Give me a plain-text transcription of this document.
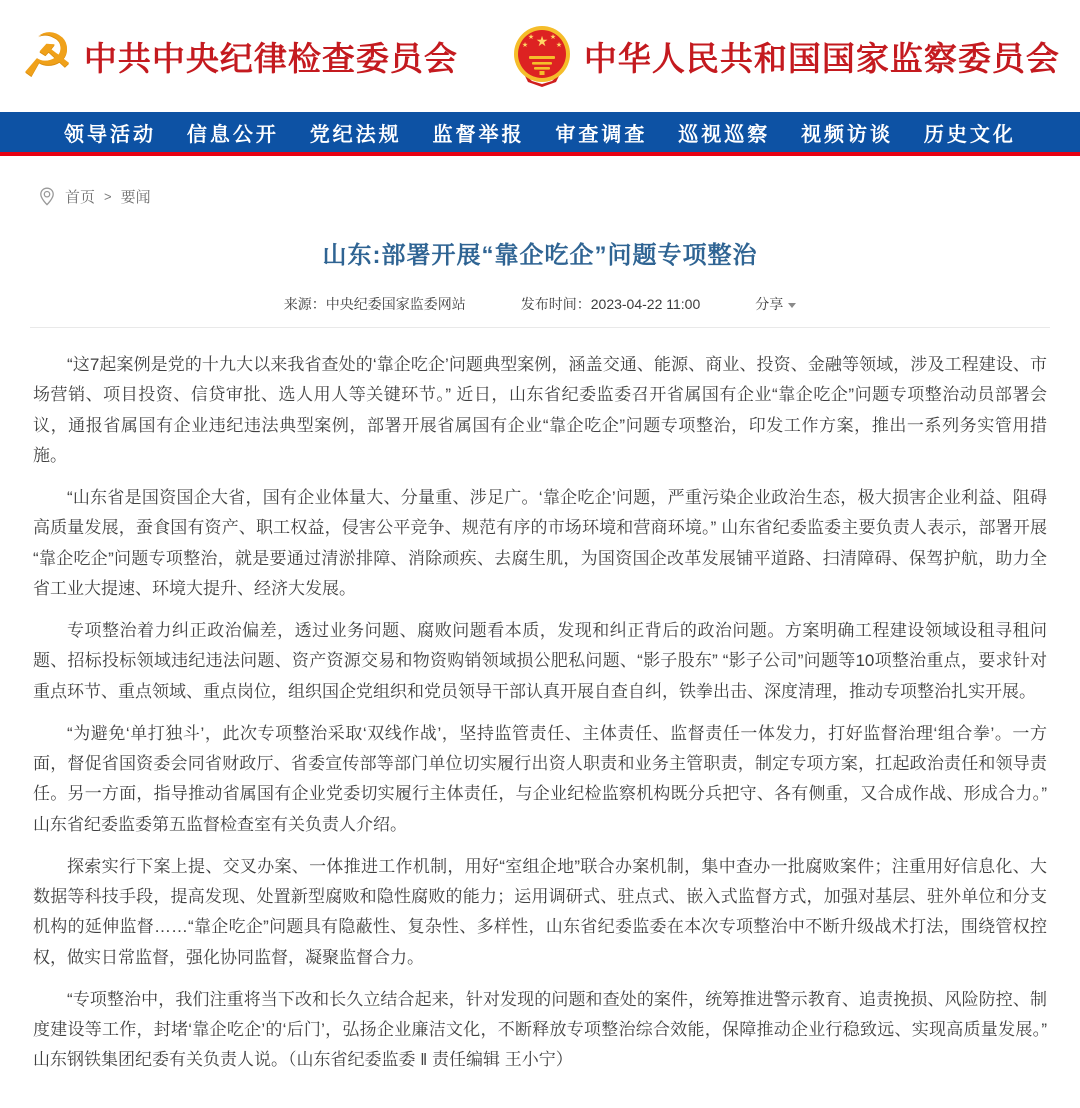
☭ 中共中央纪律检查委员会
★
★ ★
★	★ 中华人民共和国国家监察委员会
领导活动 信息公开 党纪法规 监督举报 审查调查 巡视巡察 视频访谈 历史文化
首页 > 要闻
山东:部署开展“靠企吃企”问题专项整治
来源：中央纪委国家监委网站	发布时间：2023-04-22 11:00	分享

“这7起案例是党的十九大以来我省查处的‘靠企吃企’问题典型案例，涵盖交通、能源、商业、投资、金融等领域，涉及工程建设、市场营销、项目投资、信贷审批、选人用人等关键环节。” 近日，山东省纪委监委召开省属国有企业“靠企吃企”问题专项整治动员部署会议，通报省属国有企业违纪违法典型案例，部署开展省属国有企业“靠企吃企”问题专项整治，印发工作方案，推出一系列务实管用措施。

“山东省是国资国企大省，国有企业体量大、分量重、涉足广。‘靠企吃企’问题，严重污染企业政治生态，极大损害企业利益、阻碍高质量发展，蚕食国有资产、职工权益，侵害公平竞争、规范有序的市场环境和营商环境。” 山东省纪委监委主要负责人表示，部署开展“靠企吃企”问题专项整治，就是要通过清淤排障、消除顽疾、去腐生肌，为国资国企改革发展铺平道路、扫清障碍、保驾护航，助力全省工业大提速、环境大提升、经济大发展。

专项整治着力纠正政治偏差，透过业务问题、腐败问题看本质，发现和纠正背后的政治问题。方案明确工程建设领域设租寻租问题、招标投标领域违纪违法问题、资产资源交易和物资购销领域损公肥私问题、“影子股东” “影子公司”问题等10项整治重点，要求针对重点环节、重点领域、重点岗位，组织国企党组织和党员领导干部认真开展自查自纠，铁拳出击、深度清理，推动专项整治扎实开展。

“为避免‘单打独斗’，此次专项整治采取‘双线作战’，坚持监管责任、主体责任、监督责任一体发力，打好监督治理‘组合拳’。一方面，督促省国资委会同省财政厅、省委宣传部等部门单位切实履行出资人职责和业务主管职责，制定专项方案，扛起政治责任和领导责任。另一方面，指导推动省属国有企业党委切实履行主体责任，与企业纪检监察机构既分兵把守、各有侧重，又合成作战、形成合力。” 山东省纪委监委第五监督检查室有关负责人介绍。

探索实行下案上提、交叉办案、一体推进工作机制，用好“室组企地”联合办案机制，集中查办一批腐败案件；注重用好信息化、大数据等科技手段，提高发现、处置新型腐败和隐性腐败的能力；运用调研式、驻点式、嵌入式监督方式，加强对基层、驻外单位和分支机构的延伸监督……“靠企吃企”问题具有隐蔽性、复杂性、多样性，山东省纪委监委在本次专项整治中不断升级战术打法，围绕管权控权，做实日常监督，强化协同监督，凝聚监督合力。

“专项整治中，我们注重将当下改和长久立结合起来，针对发现的问题和查处的案件，统筹推进警示教育、追责挽损、风险防控、制度建设等工作，封堵‘靠企吃企’的‘后门’，弘扬企业廉洁文化，不断释放专项整治综合效能，保障推动企业行稳致远、实现高质量发展。” 山东钢铁集团纪委有关负责人说。（山东省纪委监委 ‖ 责任编辑 王小宁）
